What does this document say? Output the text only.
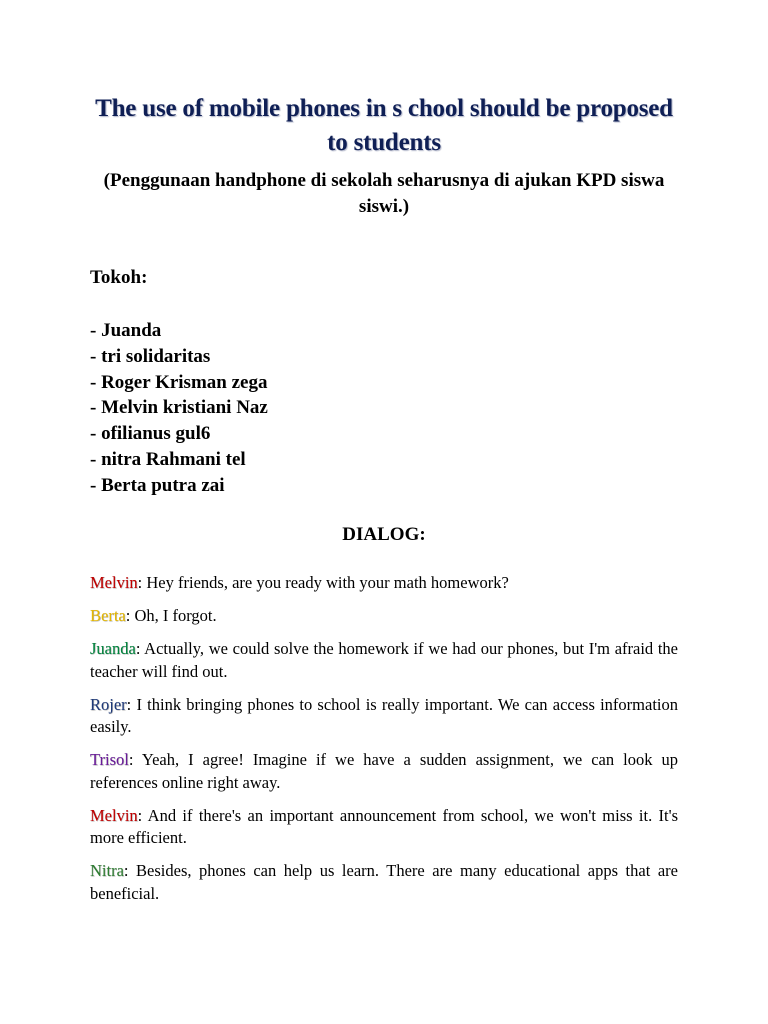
The use of mobile phones in s chool should be proposed to students
(Penggunaan handphone di sekolah seharusnya di ajukan KPD siswa siswi.)
Tokoh:
- Juanda
- tri solidaritas
- Roger Krisman zega
- Melvin kristiani Naz
- ofilianus gul6
- nitra Rahmani tel
- Berta putra zai
DIALOG:

Melvin: Hey friends, are you ready with your math homework?

Berta: Oh, I forgot.

Juanda: Actually, we could solve the homework if we had our phones, but I'm afraid the teacher will find out.

Rojer: I think bringing phones to school is really important. We can access information easily.

Trisol: Yeah, I agree! Imagine if we have a sudden assignment, we can look up references online right away.

Melvin: And if there's an important announcement from school, we won't miss it. It's more efficient.

Nitra: Besides, phones can help us learn. There are many educational apps that are beneficial.
